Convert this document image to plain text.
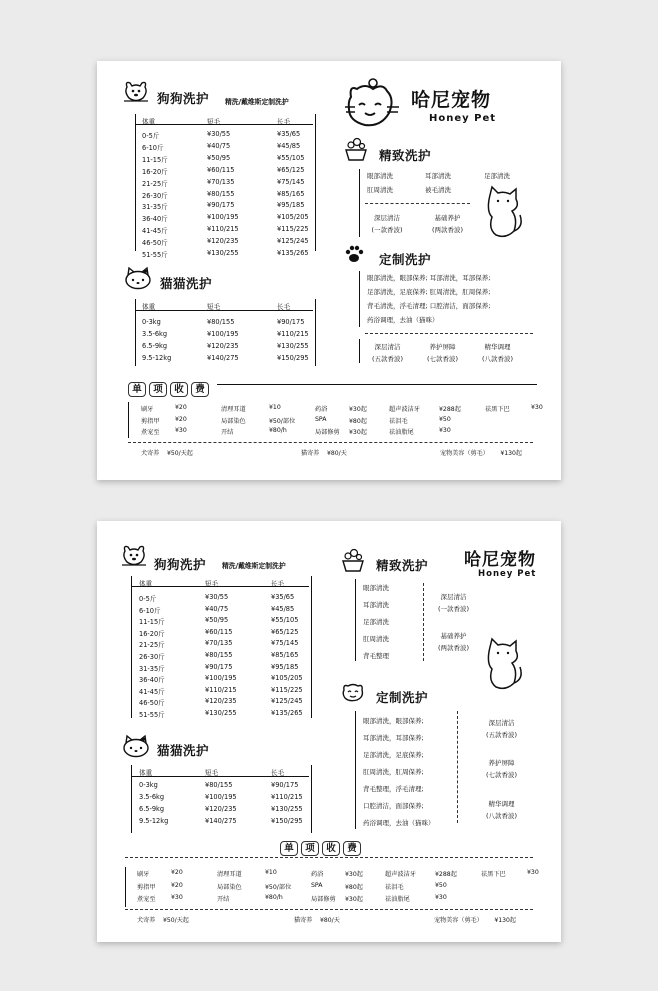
狗狗洗护 精洗/戴维斯定制洗护
体重	短毛	长毛
0-5斤	¥30/55	¥35/65
6-10斤	¥40/75	¥45/85
11-15斤	¥50/95	¥55/105
16-20斤	¥60/115	¥65/125
21-25斤	¥70/135	¥75/145
26-30斤	¥80/155	¥85/165
31-35斤	¥90/175	¥95/185
36-40斤	¥100/195	¥105/205
41-45斤	¥110/215	¥115/225
46-50斤	¥120/235	¥125/245
51-55斤	¥130/255	¥135/265
猫猫洗护
体重	短毛	长毛
0-3kg	¥80/155	¥90/175
3.5-6kg	¥100/195	¥110/215
6.5-9kg	¥120/235	¥130/255
9.5-12kg	¥140/275	¥150/295
哈尼宠物
Honey Pet
精致洗护
眼部清洗	耳部清洗	足部清洗
肛周清洗	被毛清洗
深层清洁
(一款香波)
基础养护
(两款香波)
定制洗护
眼部清洗，眼部保养; 耳部清洗，耳部保养;
足部清洗，足底保养; 肛周清洗，肛周保养;
背毛清洗，浮毛清理; 口腔清洁，面部保养;
药浴调理，去油（猫咪）
深层清洁
(五款香波)
养护屏障
(七款香波)
精华调理
(八款香波)
单 项 收 费
刷牙	¥20	清理耳道	¥10	药浴	¥30起	超声波洁牙	¥288起	祛黑下巴	¥30
剪指甲	¥20	局部染色	¥50/部位	SPA	¥80起	祛泪毛	¥50
煮宠至	¥30	开结	¥80/h	局部修剪	¥30起	祛油脂尾	¥30
犬寄养 ¥50/天起	猫寄养 ¥80/天	宠物美容（剪毛） ¥130起
狗狗洗护 精洗/戴维斯定制洗护
体重	短毛	长毛
0-5斤	¥30/55	¥35/65
6-10斤	¥40/75	¥45/85
11-15斤	¥50/95	¥55/105
16-20斤	¥60/115	¥65/125
21-25斤	¥70/135	¥75/145
26-30斤	¥80/155	¥85/165
31-35斤	¥90/175	¥95/185
36-40斤	¥100/195	¥105/205
41-45斤	¥110/215	¥115/225
46-50斤	¥120/235	¥125/245
51-55斤	¥130/255	¥135/265
猫猫洗护
体重	短毛	长毛
0-3kg	¥80/155	¥90/175
3.5-6kg	¥100/195	¥110/215
6.5-9kg	¥120/235	¥130/255
9.5-12kg	¥140/275	¥150/295
精致洗护 哈尼宠物
Honey Pet
眼部清洗
耳部清洗
足部清洗
肛周清洗
背毛整理
深层清洁
(一款香波)
基础养护
(两款香波)
定制洗护
眼部清洗，眼部保养;
耳部清洗，耳部保养;
足部清洗，足底保养;
肛周清洗，肛周保养;
背毛整理，浮毛清理;
口腔清洁，面部保养;
药浴调理，去油（猫咪）
深层清洁
(五款香波)
养护屏障
(七款香波)
精华调理
(八款香波)
单 项 收 费
刷牙	¥20	清理耳道	¥10	药浴	¥30起	超声波洁牙	¥288起	祛黑下巴	¥30
剪指甲	¥20	局部染色	¥50/部位	SPA	¥80起	祛泪毛	¥50
煮宠至	¥30	开结	¥80/h	局部修剪	¥30起	祛油脂尾	¥30
犬寄养 ¥50/天起	猫寄养 ¥80/天	宠物美容（剪毛） ¥130起
